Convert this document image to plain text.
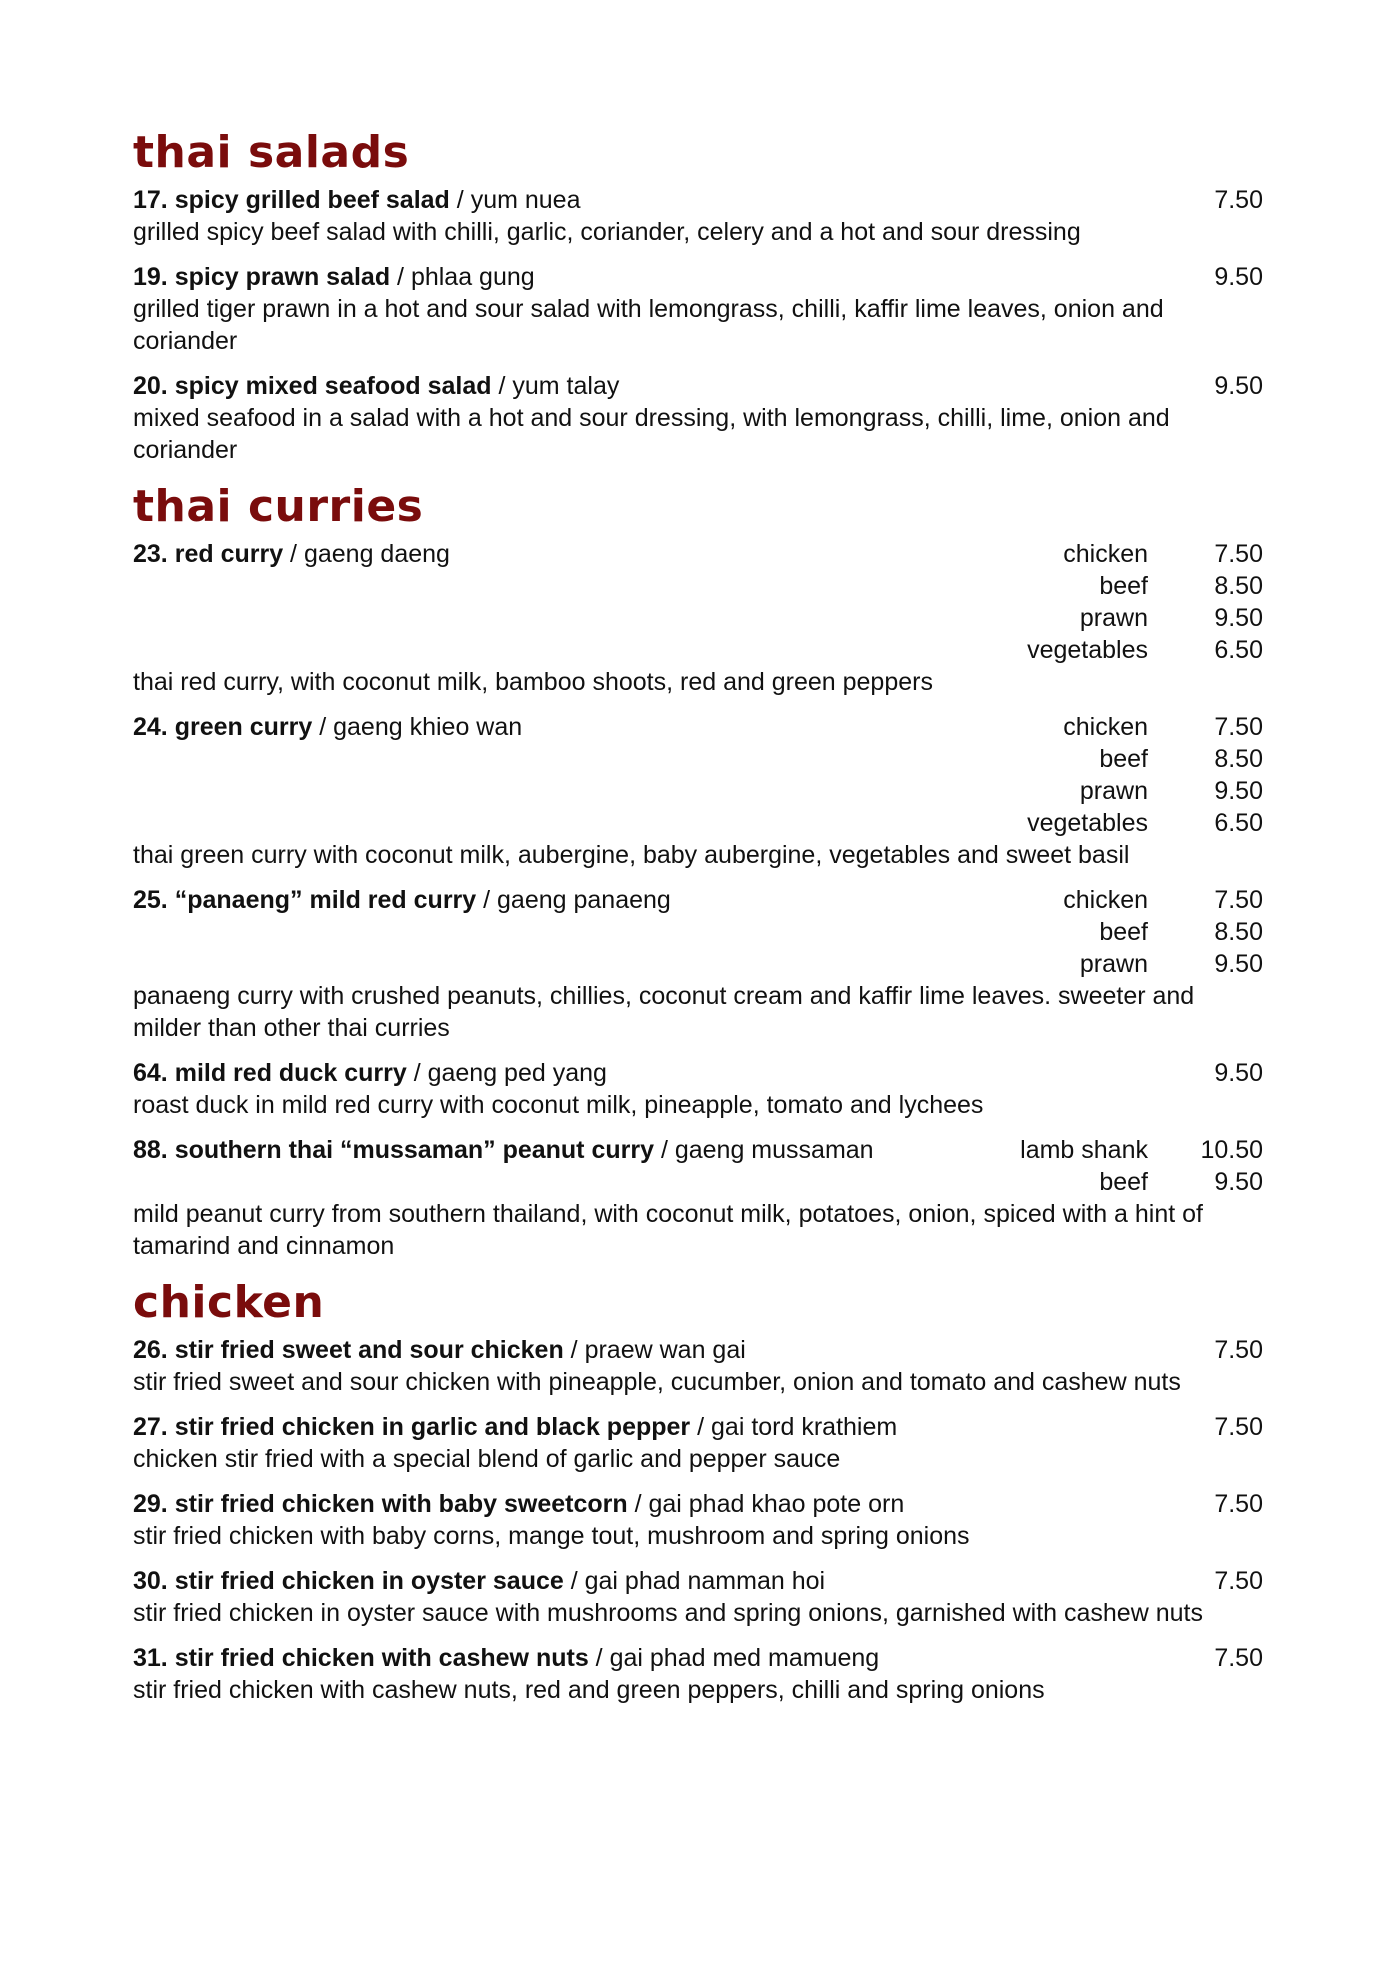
thai salads
17. spicy grilled beef salad / yum nuea	7.50

grilled spicy beef salad with chilli, garlic, coriander, celery and a hot and sour dressing

19. spicy prawn salad / phlaa gung	9.50

grilled tiger prawn in a hot and sour salad with lemongrass, chilli, kaffir lime leaves, onion and coriander

20. spicy mixed seafood salad / yum talay	9.50

mixed seafood in a salad with a hot and sour dressing, with lemongrass, chilli, lime, onion and coriander

thai curries
23. red curry / gaeng daeng	chicken	7.50
beef	8.50
prawn	9.50
vegetables	6.50

thai red curry, with coconut milk, bamboo shoots, red and green peppers

24. green curry / gaeng khieo wan	chicken	7.50
beef	8.50
prawn	9.50
vegetables	6.50

thai green curry with coconut milk, aubergine, baby aubergine, vegetables and sweet basil

25. “panaeng” mild red curry / gaeng panaeng	chicken	7.50
beef	8.50
prawn	9.50

panaeng curry with crushed peanuts, chillies, coconut cream and kaffir lime leaves. sweeter and milder than other thai curries

64. mild red duck curry / gaeng ped yang	9.50

roast duck in mild red curry with coconut milk, pineapple, tomato and lychees

88. southern thai “mussaman” peanut curry / gaeng mussaman	lamb shank	10.50
beef	9.50

mild peanut curry from southern thailand, with coconut milk, potatoes, onion, spiced with a hint of tamarind and cinnamon

chicken
26. stir fried sweet and sour chicken / praew wan gai	7.50

stir fried sweet and sour chicken with pineapple, cucumber, onion and tomato and cashew nuts

27. stir fried chicken in garlic and black pepper / gai tord krathiem	7.50

chicken stir fried with a special blend of garlic and pepper sauce

29. stir fried chicken with baby sweetcorn / gai phad khao pote orn	7.50

stir fried chicken with baby corns, mange tout, mushroom and spring onions

30. stir fried chicken in oyster sauce / gai phad namman hoi	7.50

stir fried chicken in oyster sauce with mushrooms and spring onions, garnished with cashew nuts

31. stir fried chicken with cashew nuts / gai phad med mamueng	7.50

stir fried chicken with cashew nuts, red and green peppers, chilli and spring onions
